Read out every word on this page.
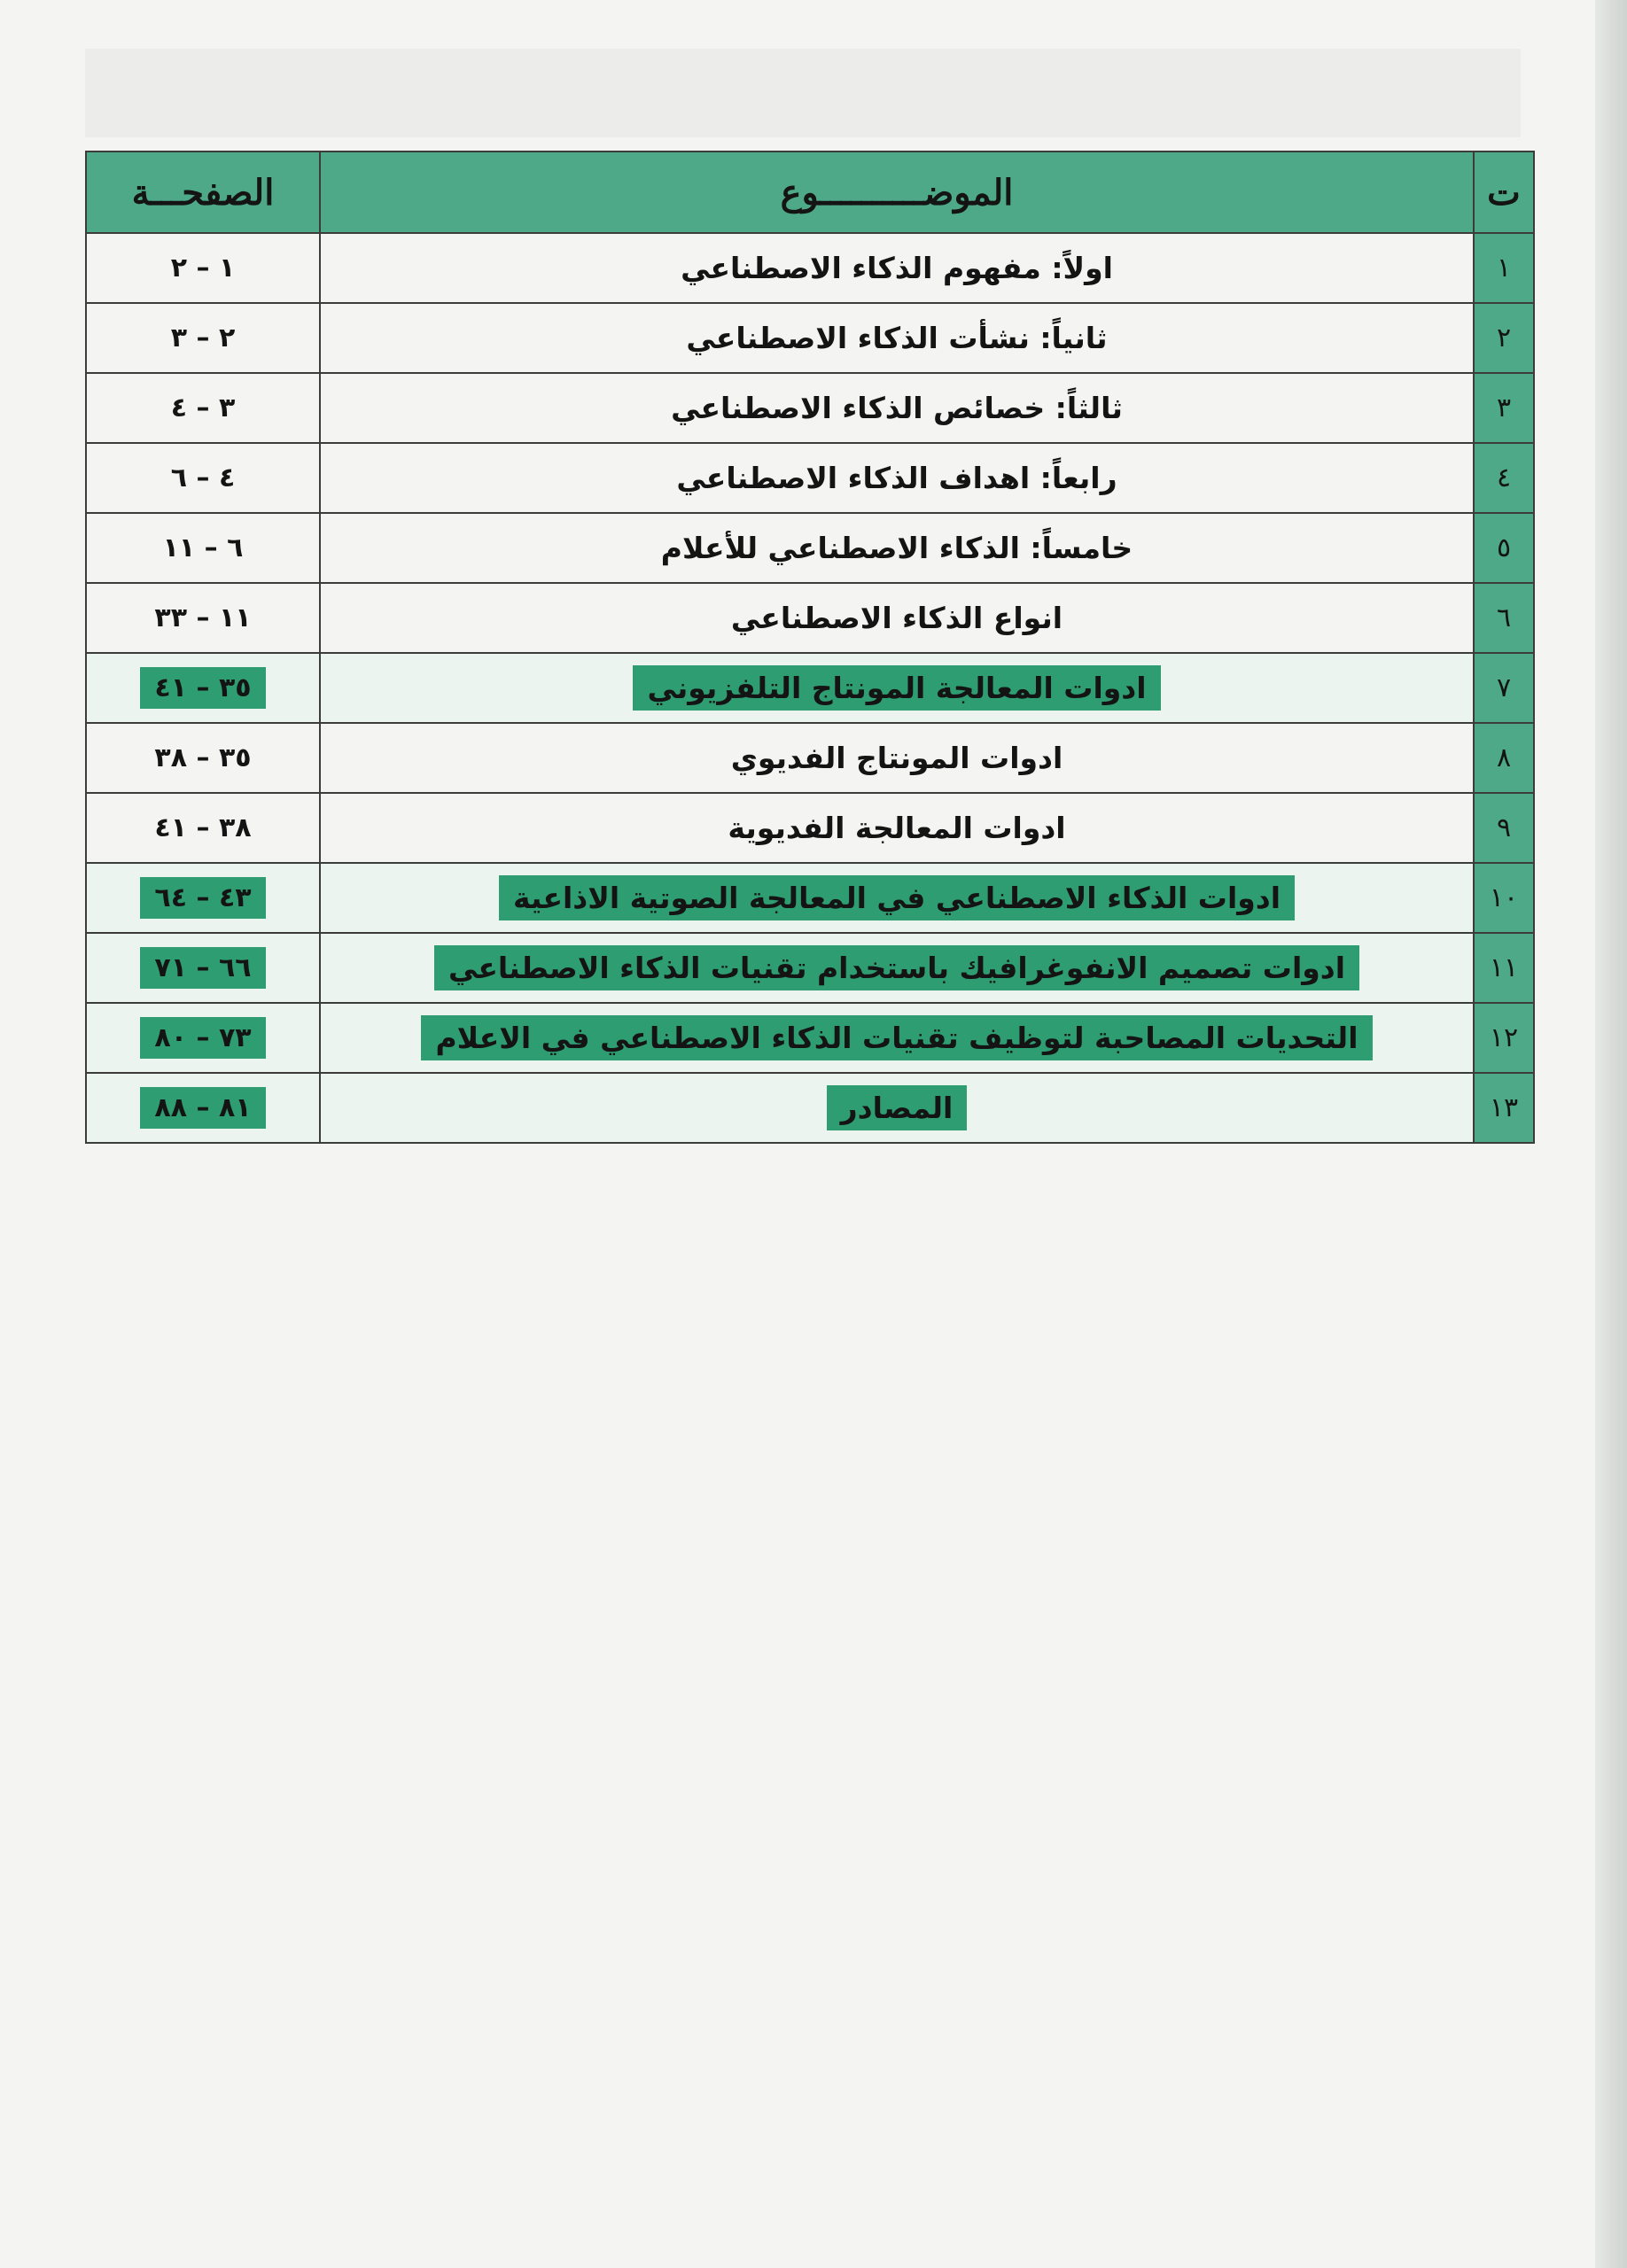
ت	الموضــــــــــوع	الصفحـــة
١	اولاً: مفهوم الذكاء الاصطناعي	١ – ٢
٢	ثانياً: نشأت الذكاء الاصطناعي	٢ – ٣
٣	ثالثاً: خصائص الذكاء الاصطناعي	٣ – ٤
٤	رابعاً: اهداف الذكاء الاصطناعي	٤ – ٦
٥	خامساً: الذكاء الاصطناعي للأعلام	٦ – ١١
٦	انواع الذكاء الاصطناعي	١١ – ٣٣
٧	ادوات المعالجة المونتاج التلفزيوني	٣٥ – ٤١
٨	ادوات المونتاج الفديوي	٣٥ – ٣٨
٩	ادوات المعالجة الفديوية	٣٨ – ٤١
١٠	ادوات الذكاء الاصطناعي في المعالجة الصوتية الاذاعية	٤٣ – ٦٤
١١	ادوات تصميم الانفوغرافيك باستخدام تقنيات الذكاء الاصطناعي	٦٦ – ٧١
١٢	التحديات المصاحبة لتوظيف تقنيات الذكاء الاصطناعي في الاعلام	٧٣ – ٨٠
١٣	المصادر	٨١ – ٨٨
